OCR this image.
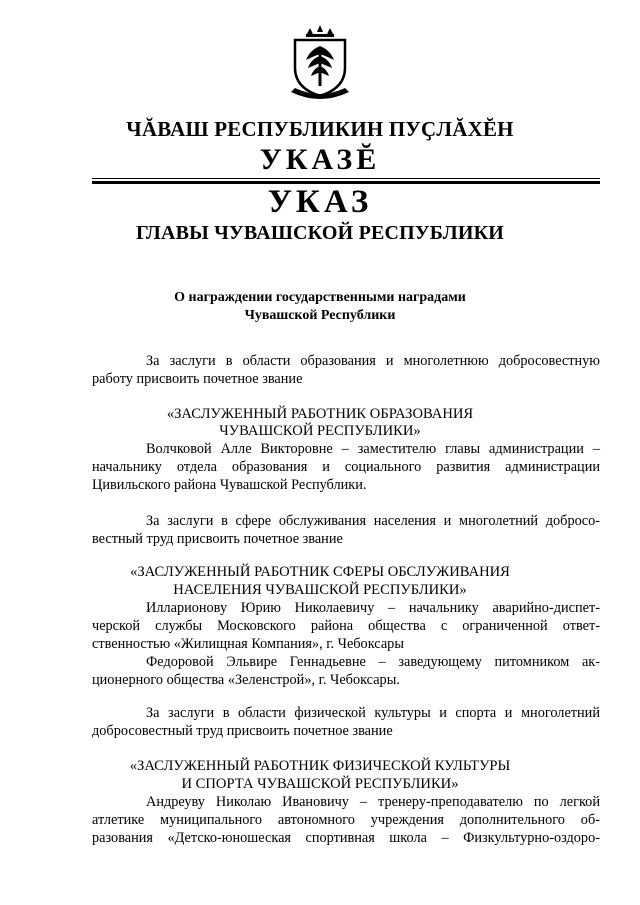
ЧĂВАШ РЕСПУБЛИКИН ПУҪЛĂХĔН
УКАЗĔ
УКАЗ
ГЛАВЫ ЧУВАШСКОЙ РЕСПУБЛИКИ
О награждении государственными наградами
Чувашской Республики
За заслуги в области образования и многолетнюю добросовестную
работу присвоить почетное звание
«ЗАСЛУЖЕННЫЙ РАБОТНИК ОБРАЗОВАНИЯ
ЧУВАШСКОЙ РЕСПУБЛИКИ»
Волчковой Алле Викторовне – заместителю главы администрации –
начальнику отдела образования и социального развития администрации
Цивильского района Чувашской Республики.
За заслуги в сфере обслуживания населения и многолетний доброcо-
вестный труд присвоить почетное звание
«ЗАСЛУЖЕННЫЙ РАБОТНИК СФЕРЫ ОБСЛУЖИВАНИЯ
НАСЕЛЕНИЯ ЧУВАШСКОЙ РЕСПУБЛИКИ»
Илларионову Юрию Николаевичу – начальнику аварийно-диспет-
черской службы Московского района общества с ограниченной ответ-
ственностью «Жилищная Компания», г. Чебоксары
Федоровой Эльвире Геннадьевне – заведующему питомником ак-
ционерного общества «Зеленстрой», г. Чебоксары.
За заслуги в области физической культуры и спорта и многолетний
добросовестный труд присвоить почетное звание
«ЗАСЛУЖЕННЫЙ РАБОТНИК ФИЗИЧЕСКОЙ КУЛЬТУРЫ
И СПОРТА ЧУВАШСКОЙ РЕСПУБЛИКИ»
Андреуву Николаю Ивановичу – тренеру-преподавателю по легкой
атлетике муниципального автономного учреждения дополнительного об-
разования «Детско-юношеская спортивная школа – Физкультурно-оздоро-
